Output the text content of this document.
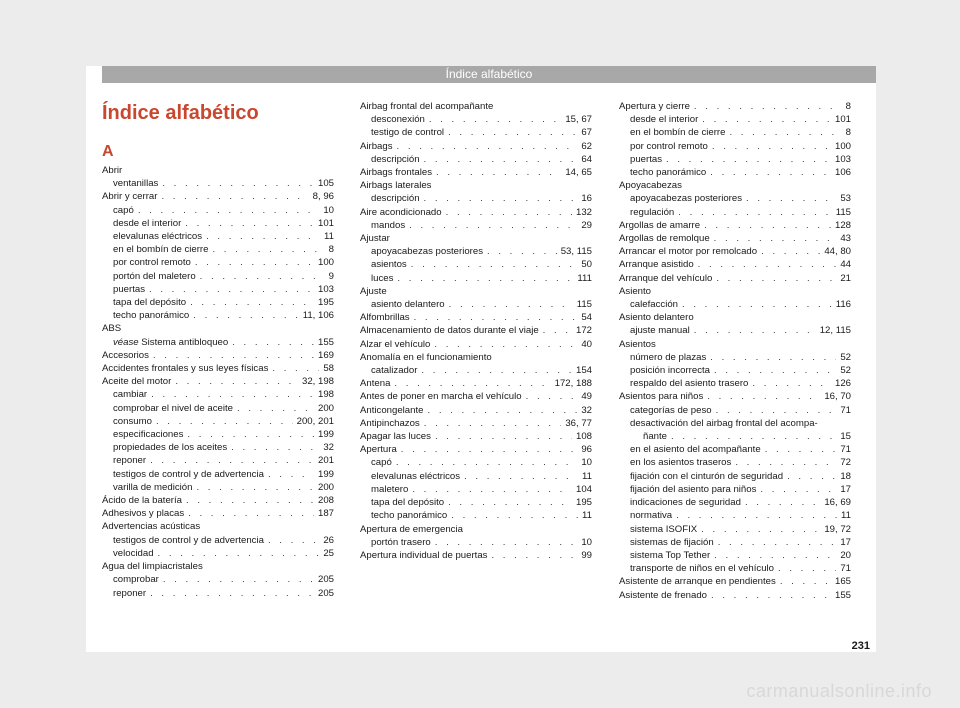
Índice alfabético
Índice alfabético
A
Abrir
ventanillas . . .	105
Abrir y cerrar . . .	8, 96
capó . . .	10
desde el interior . . .	101
elevalunas eléctricos . . .	11
en el bombín de cierre . . .	8
por control remoto . . .	100
portón del maletero . . .	9
puertas . . .	103
tapa del depósito . . .	195
techo panorámico . . .	11, 106
ABS
véase Sistema antibloqueo . . .	155
Accesorios . . .	169
Accidentes frontales y sus leyes físicas . . .	58
Aceite del motor . . .	32, 198
cambiar . . .	198
comprobar el nivel de aceite . . .	200
consumo . . .	200, 201
especificaciones . . .	199
propiedades de los aceites . . .	32
reponer . . .	201
testigos de control y de advertencia . . .	199
varilla de medición . . .	200
Ácido de la batería . . .	208
Adhesivos y placas . . .	187
Advertencias acústicas
testigos de control y de advertencia . . .	26
velocidad . . .	25
Agua del limpiacristales
comprobar . . .	205
reponer . . .	205
Airbag frontal del acompañante
desconexión . . .	15, 67
testigo de control . . .	67
Airbags . . .	62
descripción . . .	64
Airbags frontales . . .	14, 65
Airbags laterales
descripción . . .	16
Aire acondicionado . . .	132
mandos . . .	29
Ajustar
apoyacabezas posteriores . . .	53, 115
asientos . . .	50
luces . . .	111
Ajuste
asiento delantero . . .	115
Alfombrillas . . .	54
Almacenamiento de datos durante el viaje . . .	172
Alzar el vehículo . . .	40
Anomalía en el funcionamiento
catalizador . . .	154
Antena . . .	172, 188
Antes de poner en marcha el vehículo . . .	49
Anticongelante . . .	32
Antipinchazos . . .	36, 77
Apagar las luces . . .	108
Apertura . . .	96
capó . . .	10
elevalunas eléctricos . . .	11
maletero . . .	104
tapa del depósito . . .	195
techo panorámico . . .	11
Apertura de emergencia
portón trasero . . .	10
Apertura individual de puertas . . .	99
Apertura y cierre . . .	8
desde el interior . . .	101
en el bombín de cierre . . .	8
por control remoto . . .	100
puertas . . .	103
techo panorámico . . .	106
Apoyacabezas
apoyacabezas posteriores . . .	53
regulación . . .	115
Argollas de amarre . . .	128
Argollas de remolque . . .	43
Arrancar el motor por remolcado . . .	44, 80
Arranque asistido . . .	44
Arranque del vehículo . . .	21
Asiento
calefacción . . .	116
Asiento delantero
ajuste manual . . .	12, 115
Asientos
número de plazas . . .	52
posición incorrecta . . .	52
respaldo del asiento trasero . . .	126
Asientos para niños . . .	16, 70
categorías de peso . . .	71
desactivación del airbag frontal del acompa-
ñante . . .	15
en el asiento del acompañante . . .	71
en los asientos traseros . . .	72
fijación con el cinturón de seguridad . . .	18
fijación del asiento para niños . . .	17
indicaciones de seguridad . . .	16, 69
normativa . . .	11
sistema ISOFIX . . .	19, 72
sistemas de fijación . . .	17
sistema Top Tether . . .	20
transporte de niños en el vehículo . . .	71
Asistente de arranque en pendientes . . .	165
Asistente de frenado . . .	155
231
carmanualsonline.info
